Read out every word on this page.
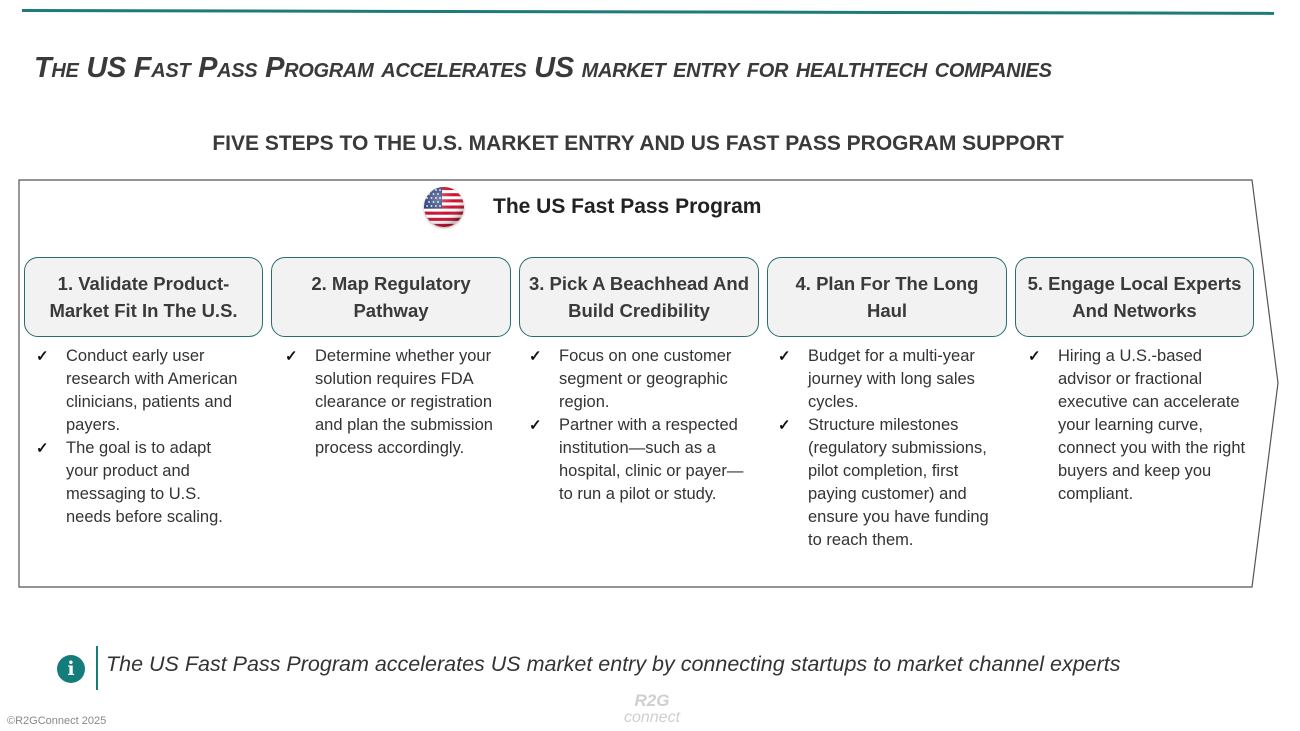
The US Fast Pass Program accelerates US market entry for healthtech companies
FIVE STEPS TO THE U.S. MARKET ENTRY AND US FAST PASS PROGRAM SUPPORT
The US Fast Pass Program
1. Validate Product-Market Fit In The U.S.
✓ Conduct early user research with American clinicians, patients and payers.
✓ The goal is to adapt your product and messaging to U.S. needs before scaling.
2. Map Regulatory Pathway
✓ Determine whether your solution requires FDA clearance or registration and plan the submission process accordingly.
3. Pick A Beachhead And Build Credibility
✓ Focus on one customer segment or geographic region.
✓ Partner with a respected institution—such as a hospital, clinic or payer—to run a pilot or study.
4. Plan For The Long Haul
✓ Budget for a multi-year journey with long sales cycles.
✓ Structure milestones (regulatory submissions, pilot completion, first paying customer) and ensure you have funding to reach them.
5. Engage Local Experts And Networks
✓ Hiring a U.S.-based advisor or fractional executive can accelerate your learning curve, connect you with the right buyers and keep you compliant.
i	The US Fast Pass Program accelerates US market entry by connecting startups to market channel experts
©R2GConnect 2025
R2G
connect
